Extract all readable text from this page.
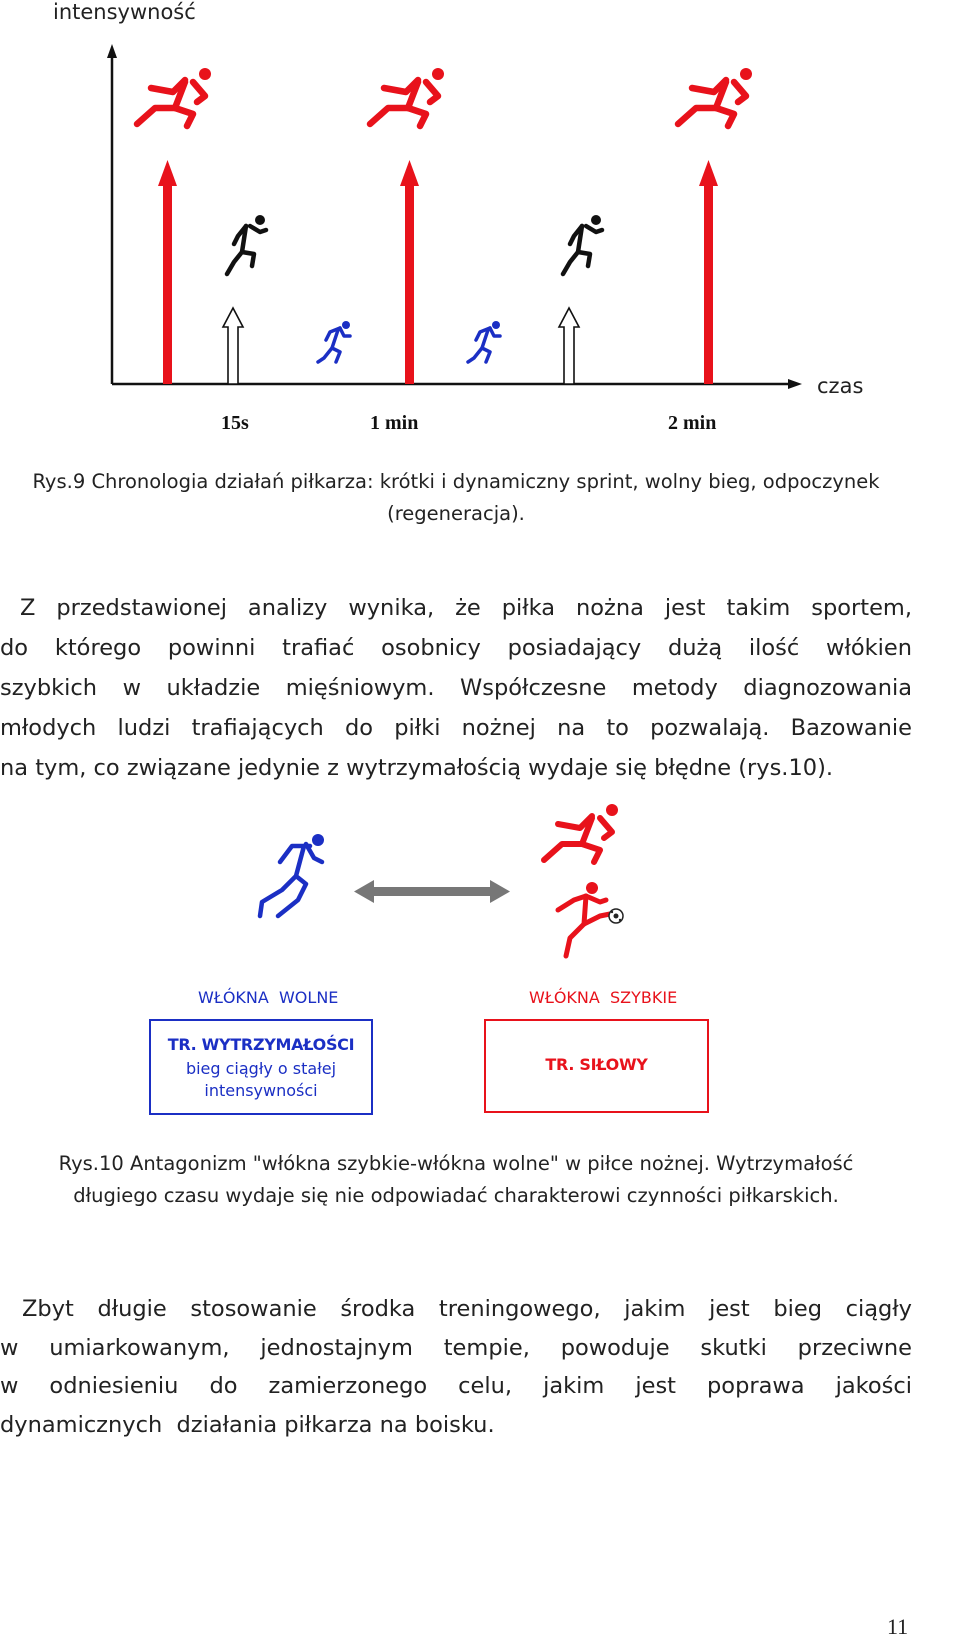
intensywność
czas
15s	1 min	2 min
Rys.9 Chronologia działań piłkarza: krótki i dynamiczny sprint, wolny bieg, odpoczynek
(regeneracja).
Z przedstawionej analizy wynika, że piłka nożna jest takim sportem,
do którego powinni trafiać osobnicy posiadający dużą ilość włókien
szybkich w układzie mięśniowym. Współczesne metody diagnozowania
młodych ludzi trafiających do piłki nożnej na to pozwalają. Bazowanie
na tym, co związane jedynie z wytrzymałością wydaje się błędne (rys.10).
WŁÓKNA  WOLNE	WŁÓKNA  SZYBKIE
TR. WYTRZYMAŁOŚCI
bieg ciągły o stałej
intensywności
TR. SIŁOWY
Rys.10 Antagonizm "włókna szybkie-włókna wolne" w piłce nożnej. Wytrzymałość
długiego czasu wydaje się nie odpowiadać charakterowi czynności piłkarskich.
Zbyt długie stosowanie środka treningowego, jakim jest bieg ciągły
w umiarkowanym, jednostajnym tempie, powoduje skutki przeciwne
w odniesieniu do zamierzonego celu, jakim jest poprawa jakości
dynamicznych  działania piłkarza na boisku.
11
